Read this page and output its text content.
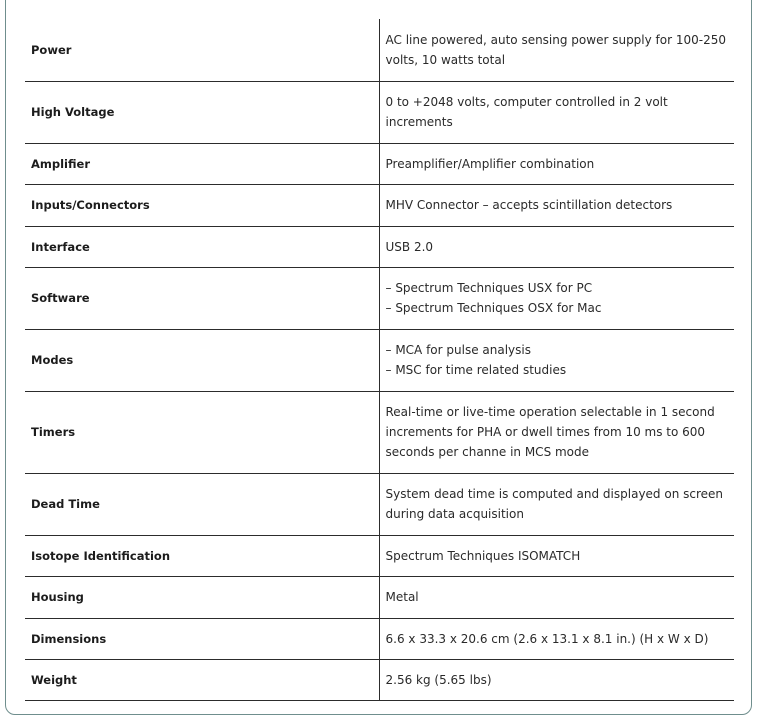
Power	AC line powered, auto sensing power supply for 100-250
volts, 10 watts total

High Voltage	0 to +2048 volts, computer controlled in 2 volt
increments

Amplifier	Preamplifier/Amplifier combination

Inputs/Connectors	MHV Connector – accepts scintillation detectors

Interface	USB 2.0

Software	– Spectrum Techniques USX for PC
– Spectrum Techniques OSX for Mac

Modes	– MCA for pulse analysis
– MSC for time related studies

Timers	Real-time or live-time operation selectable in 1 second
increments for PHA or dwell times from 10 ms to 600
seconds per channe in MCS mode

Dead Time	System dead time is computed and displayed on screen
during data acquisition

Isotope Identification	Spectrum Techniques ISOMATCH

Housing	Metal

Dimensions	6.6 x 33.3 x 20.6 cm (2.6 x 13.1 x 8.1 in.) (H x W x D)

Weight	2.56 kg (5.65 lbs)
